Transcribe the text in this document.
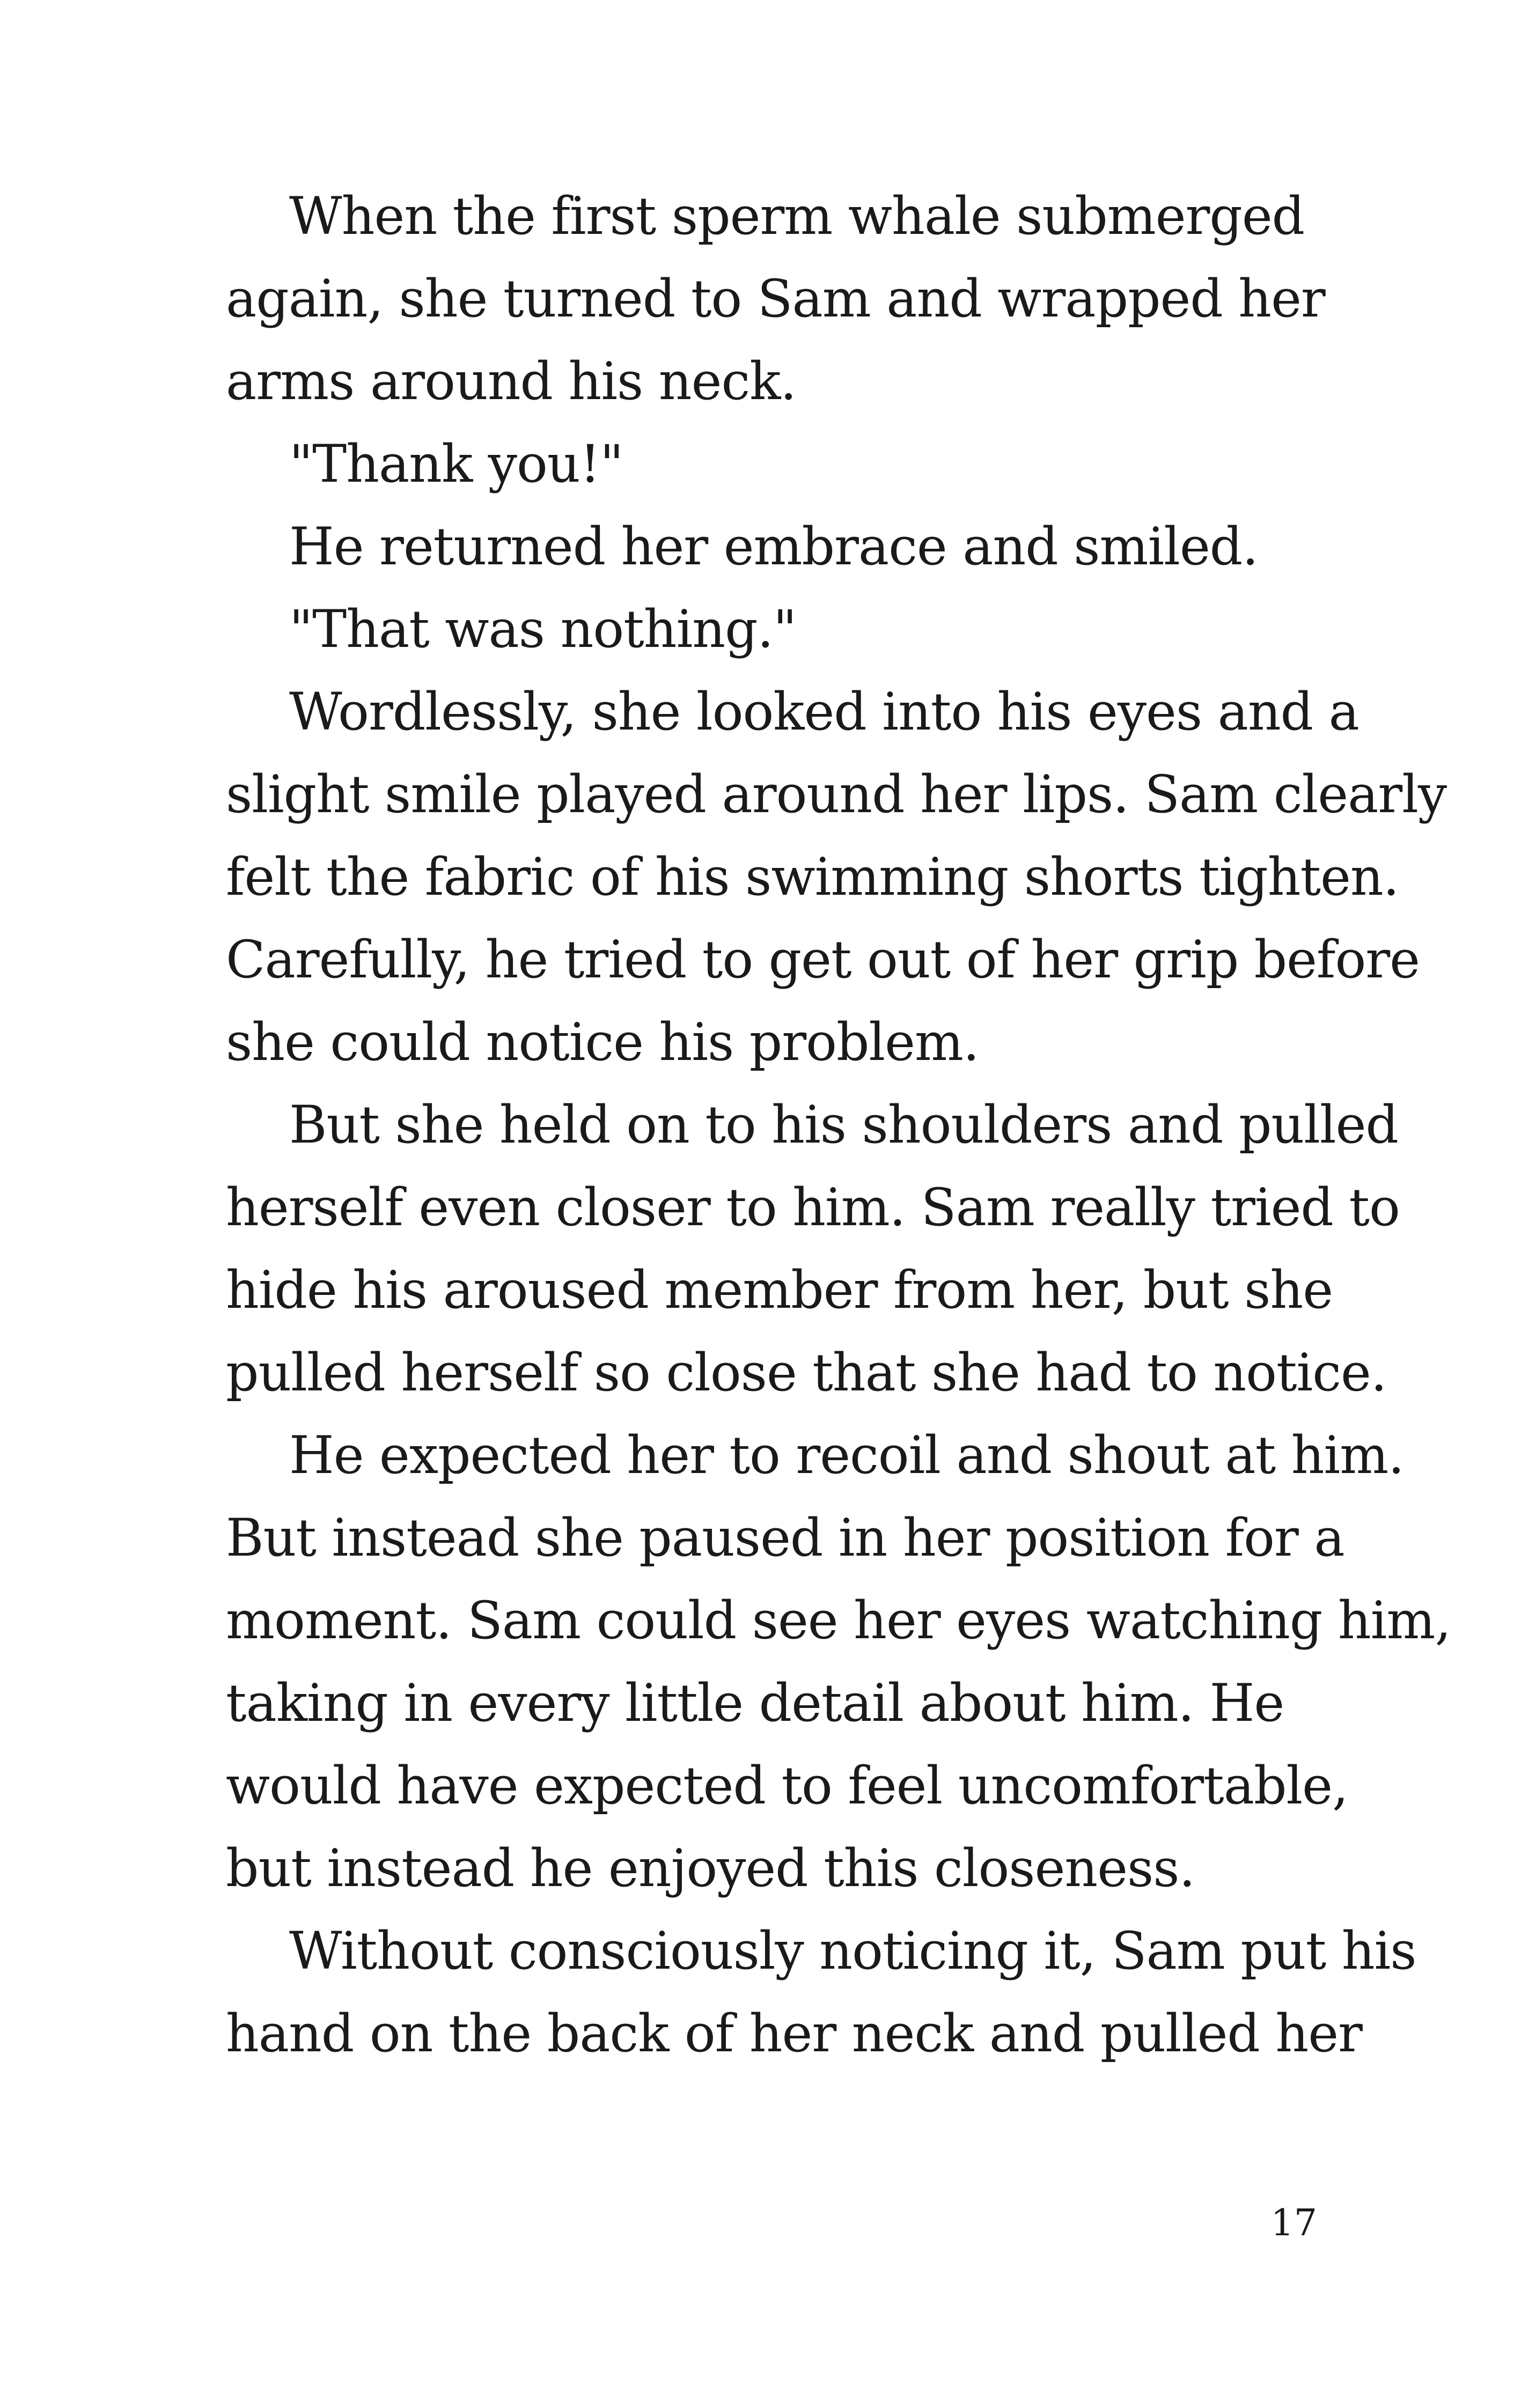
When the first sperm whale submerged
again, she turned to Sam and wrapped her
arms around his neck.
"Thank you!"
He returned her embrace and smiled.
"That was nothing."
Wordlessly, she looked into his eyes and a
slight smile played around her lips. Sam clearly
felt the fabric of his swimming shorts tighten.
Carefully, he tried to get out of her grip before
she could notice his problem.
But she held on to his shoulders and pulled
herself even closer to him. Sam really tried to
hide his aroused member from her, but she
pulled herself so close that she had to notice.
He expected her to recoil and shout at him.
But instead she paused in her position for a
moment. Sam could see her eyes watching him,
taking in every little detail about him. He
would have expected to feel uncomfortable,
but instead he enjoyed this closeness.
Without consciously noticing it, Sam put his
hand on the back of her neck and pulled her
17
